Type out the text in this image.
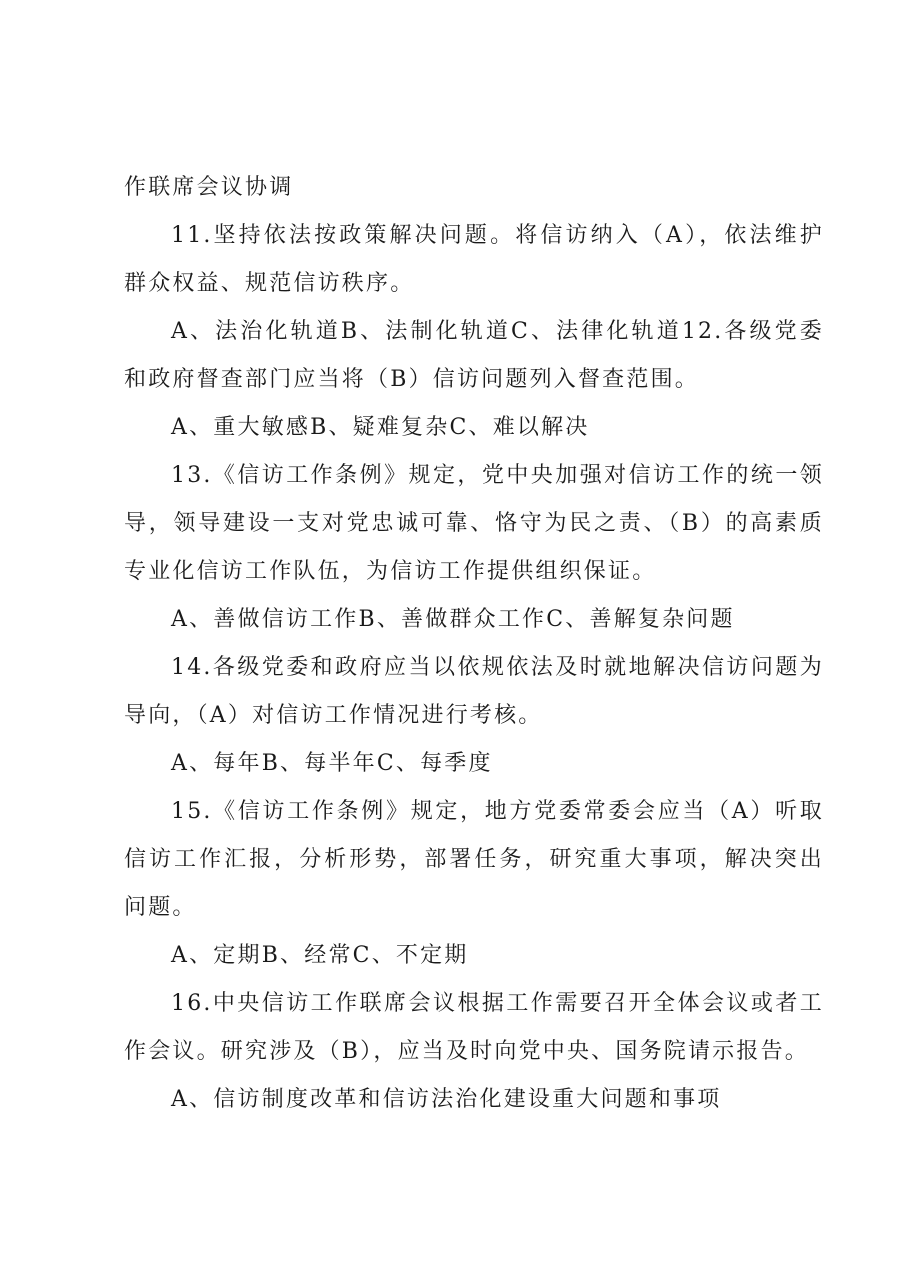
作联席会议协调

11.坚持依法按政策解决问题。将信访纳入（A），依法维护群众权益、规范信访秩序。

A、法治化轨道B、法制化轨道C、法律化轨道12.各级党委和政府督查部门应当将（B）信访问题列入督查范围。

A、重大敏感B、疑难复杂C、难以解决

13.《信访工作条例》规定，党中央加强对信访工作的统一领导，领导建设一支对党忠诚可靠、恪守为民之责、（B）的高素质专业化信访工作队伍，为信访工作提供组织保证。

A、善做信访工作B、善做群众工作C、善解复杂问题

14.各级党委和政府应当以依规依法及时就地解决信访问题为导向，（A）对信访工作情况进行考核。

A、每年B、每半年C、每季度

15.《信访工作条例》规定，地方党委常委会应当（A）听取信访工作汇报，分析形势，部署任务，研究重大事项，解决突出问题。

A、定期B、经常C、不定期

16.中央信访工作联席会议根据工作需要召开全体会议或者工作会议。研究涉及（B），应当及时向党中央、国务院请示报告。

A、信访制度改革和信访法治化建设重大问题和事项
